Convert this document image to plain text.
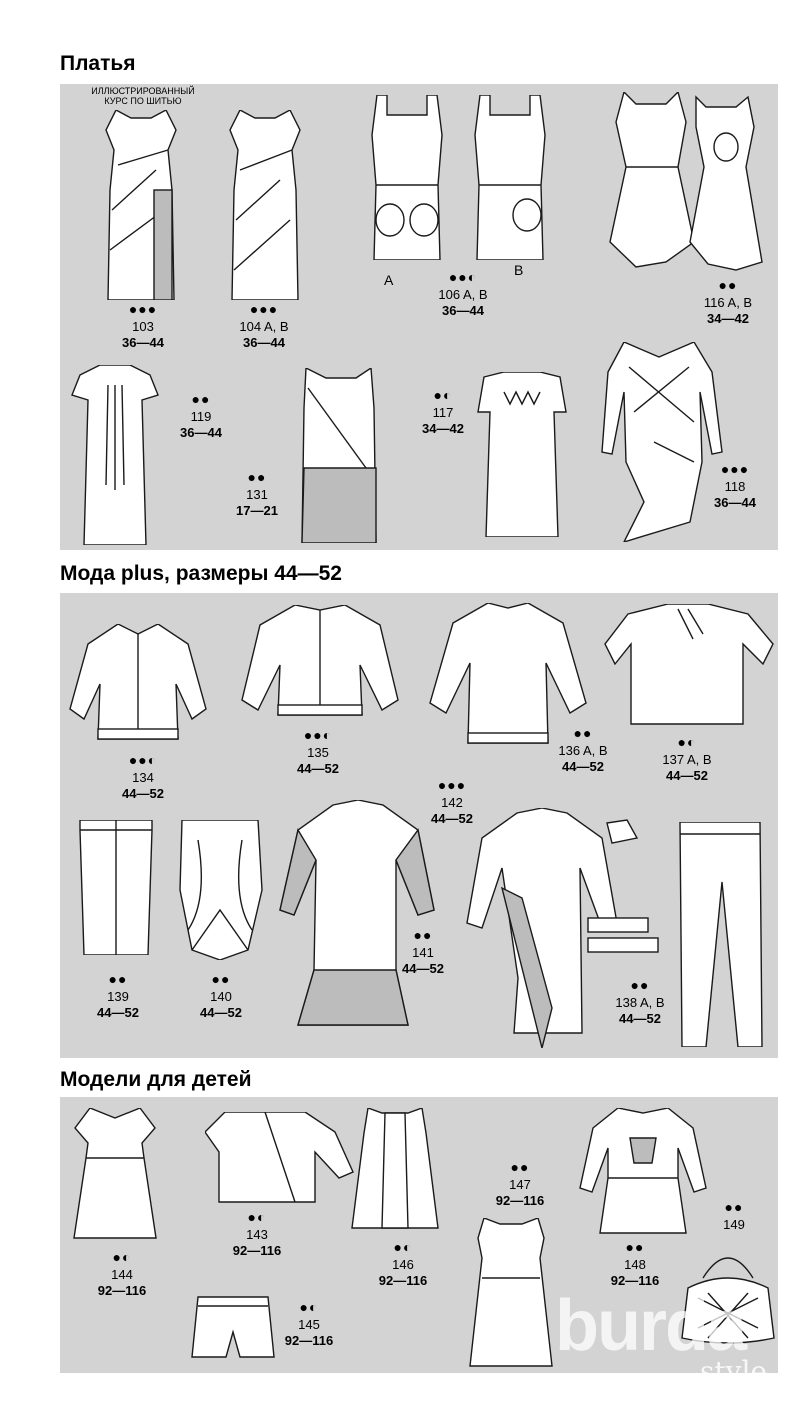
Платья
ИЛЛЮСТРИРОВАННЫЙ КУРС ПО ШИТЬЮ
●●●
103
36—44
●●●
104 A, B
36—44
A
B
●●◐
106 A, B
36—44
●●
116 A, B
34—42
●●
119
36—44
●●
131
17—21
●◐
117
34—42
●●●
118
36—44
Мода plus, размеры 44—52
●●◐
134
44—52
●●◐
135
44—52
●●
136 A, B
44—52
●◐
137 A, B
44—52
●●●
142
44—52
●●
139
44—52
●●
140
44—52
●●
141
44—52
●●
138 A, B
44—52
Модели для детей
●◐
144
92—116
●◐
143
92—116	●◐
146
92—116
●●
147
92—116
●●
148
92—116
●●
149
●◐
145
92—116	burda
style
